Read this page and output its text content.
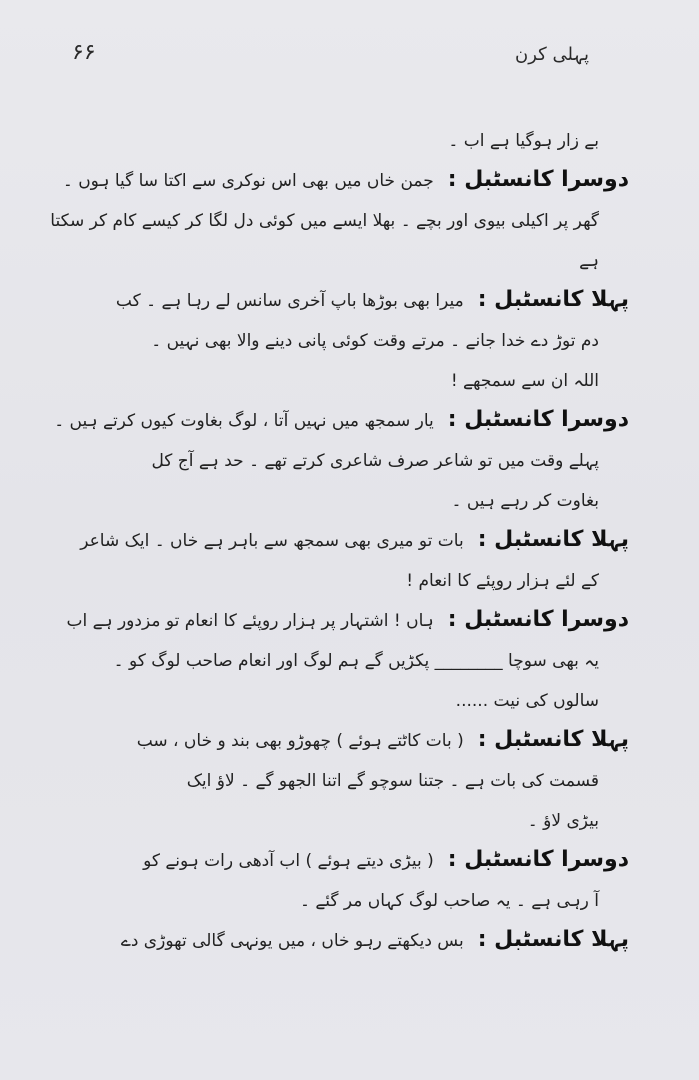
۶۶	پہلی کرن
بے زار ہوگیا ہے اب ۔
دوسرا کانسٹبل :جمن خاں میں بھی اس نوکری سے اکتا سا گیا ہوں ۔
گھر پر اکیلی بیوی اور بچے ۔ بھلا ایسے میں کوئی دل لگا کر کیسے کام کر سکتا
ہے
پہلا کانسٹبل :میرا بھی بوڑھا باپ آخری سانس لے رہا ہے ۔ کب
دم توڑ دے خدا جانے ۔ مرتے وقت کوئی پانی دینے والا بھی نہیں ۔
اللہ ان سے سمجھے !
دوسرا کانسٹبل :یار سمجھ میں نہیں آتا ، لوگ بغاوت کیوں کرتے ہیں ۔
پہلے وقت میں تو شاعر صرف شاعری کرتے تھے ۔ حد ہے آج کل
بغاوت کر رہے ہیں ۔
پہلا کانسٹبل :بات تو میری بھی سمجھ سے باہر ہے خاں ۔ ایک شاعر
کے لئے ہزار روپئے کا انعام !
دوسرا کانسٹبل :ہاں ! اشتہار پر ہزار روپئے کا انعام تو مزدور ہے اب
یہ بھی سوچا ________ پکڑیں گے ہم لوگ اور انعام صاحب لوگ کو ۔
سالوں کی نیت ......
پہلا کانسٹبل :( بات کاٹتے ہوئے ) چھوڑو بھی بند و خاں ، سب
قسمت کی بات ہے ۔ جتنا سوچو گے اتنا الجھو گے ۔ لاؤ ایک
بیڑی لاؤ ۔
دوسرا کانسٹبل :( بیڑی دیتے ہوئے ) اب آدھی رات ہونے کو
آ رہی ہے ۔ یہ صاحب لوگ کہاں مر گئے ۔
پہلا کانسٹبل :بس دیکھتے رہو خاں ، میں یونہی گالی تھوڑی دے
